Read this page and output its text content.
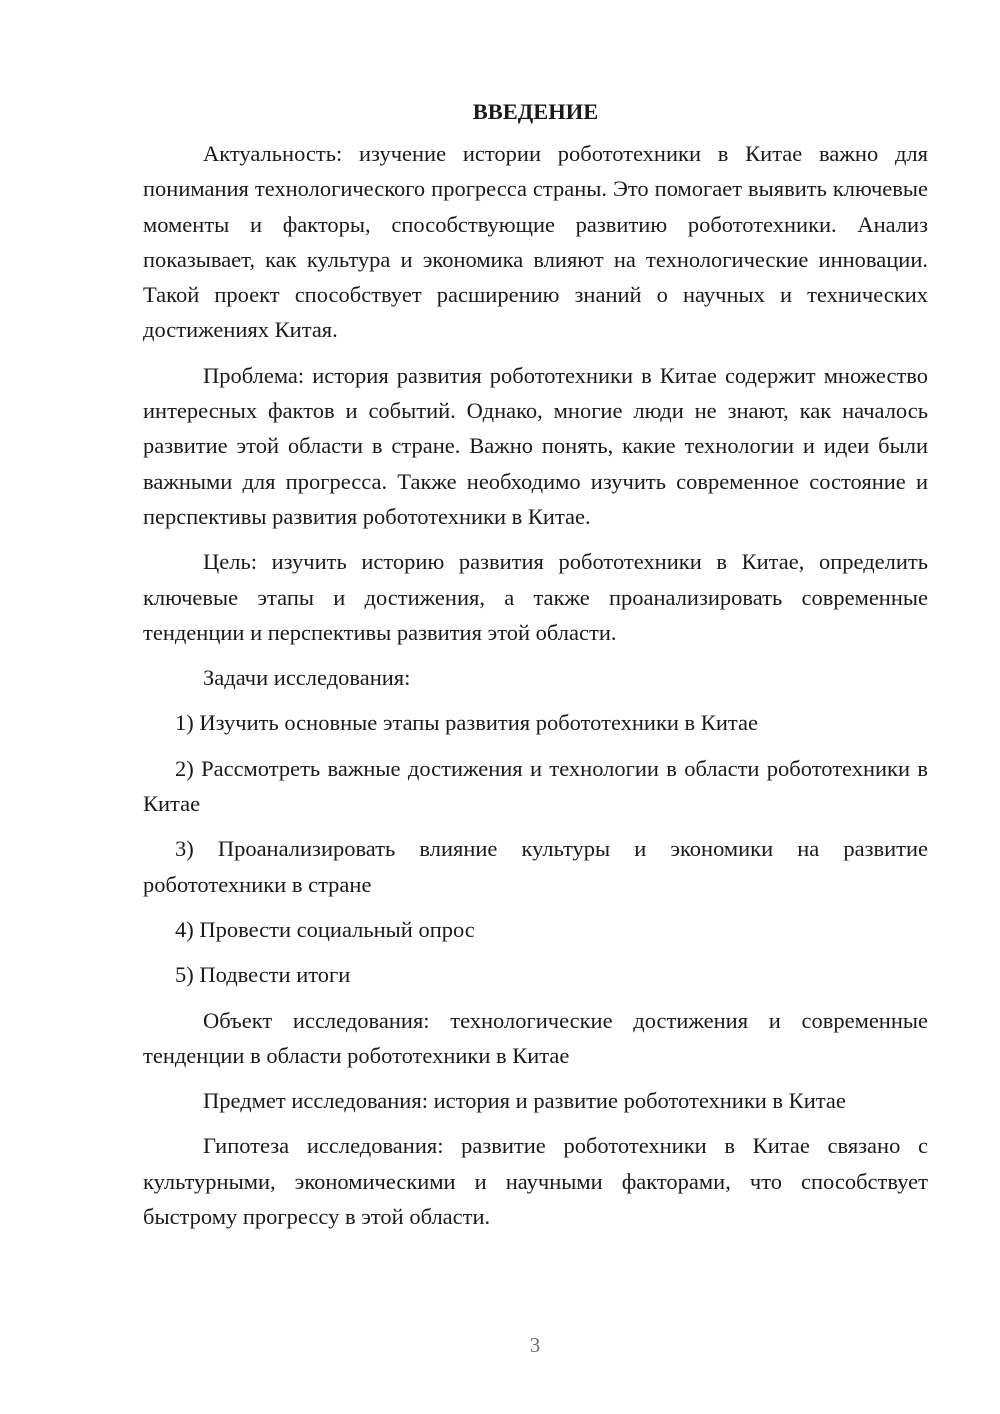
ВВЕДЕНИЕ

Актуальность: изучение истории робототехники в Китае важно для понимания технологического прогресса страны. Это помогает выявить ключевые моменты и факторы, способствующие развитию робототехники. Анализ показывает, как культура и экономика влияют на технологические инновации. Такой проект способствует расширению знаний о научных и технических достижениях Китая.

Проблема: история развития робототехники в Китае содержит множество интересных фактов и событий. Однако, многие люди не знают, как началось развитие этой области в стране. Важно понять, какие технологии и идеи были важными для прогресса. Также необходимо изучить современное состояние и перспективы развития робототехники в Китае.

Цель: изучить историю развития робототехники в Китае, определить ключевые этапы и достижения, а также проанализировать современные тенденции и перспективы развития этой области.

Задачи исследования:

1) Изучить основные этапы развития робототехники в Китае

2) Рассмотреть важные достижения и технологии в области робототехники в Китае

3) Проанализировать влияние культуры и экономики на развитие робототехники в стране

4) Провести социальный опрос

5) Подвести итоги

Объект исследования: технологические достижения и современные тенденции в области робототехники в Китае

Предмет исследования: история и развитие робототехники в Китае

Гипотеза исследования: развитие робототехники в Китае связано с культурными, экономическими и научными факторами, что способствует быстрому прогрессу в этой области.

3
